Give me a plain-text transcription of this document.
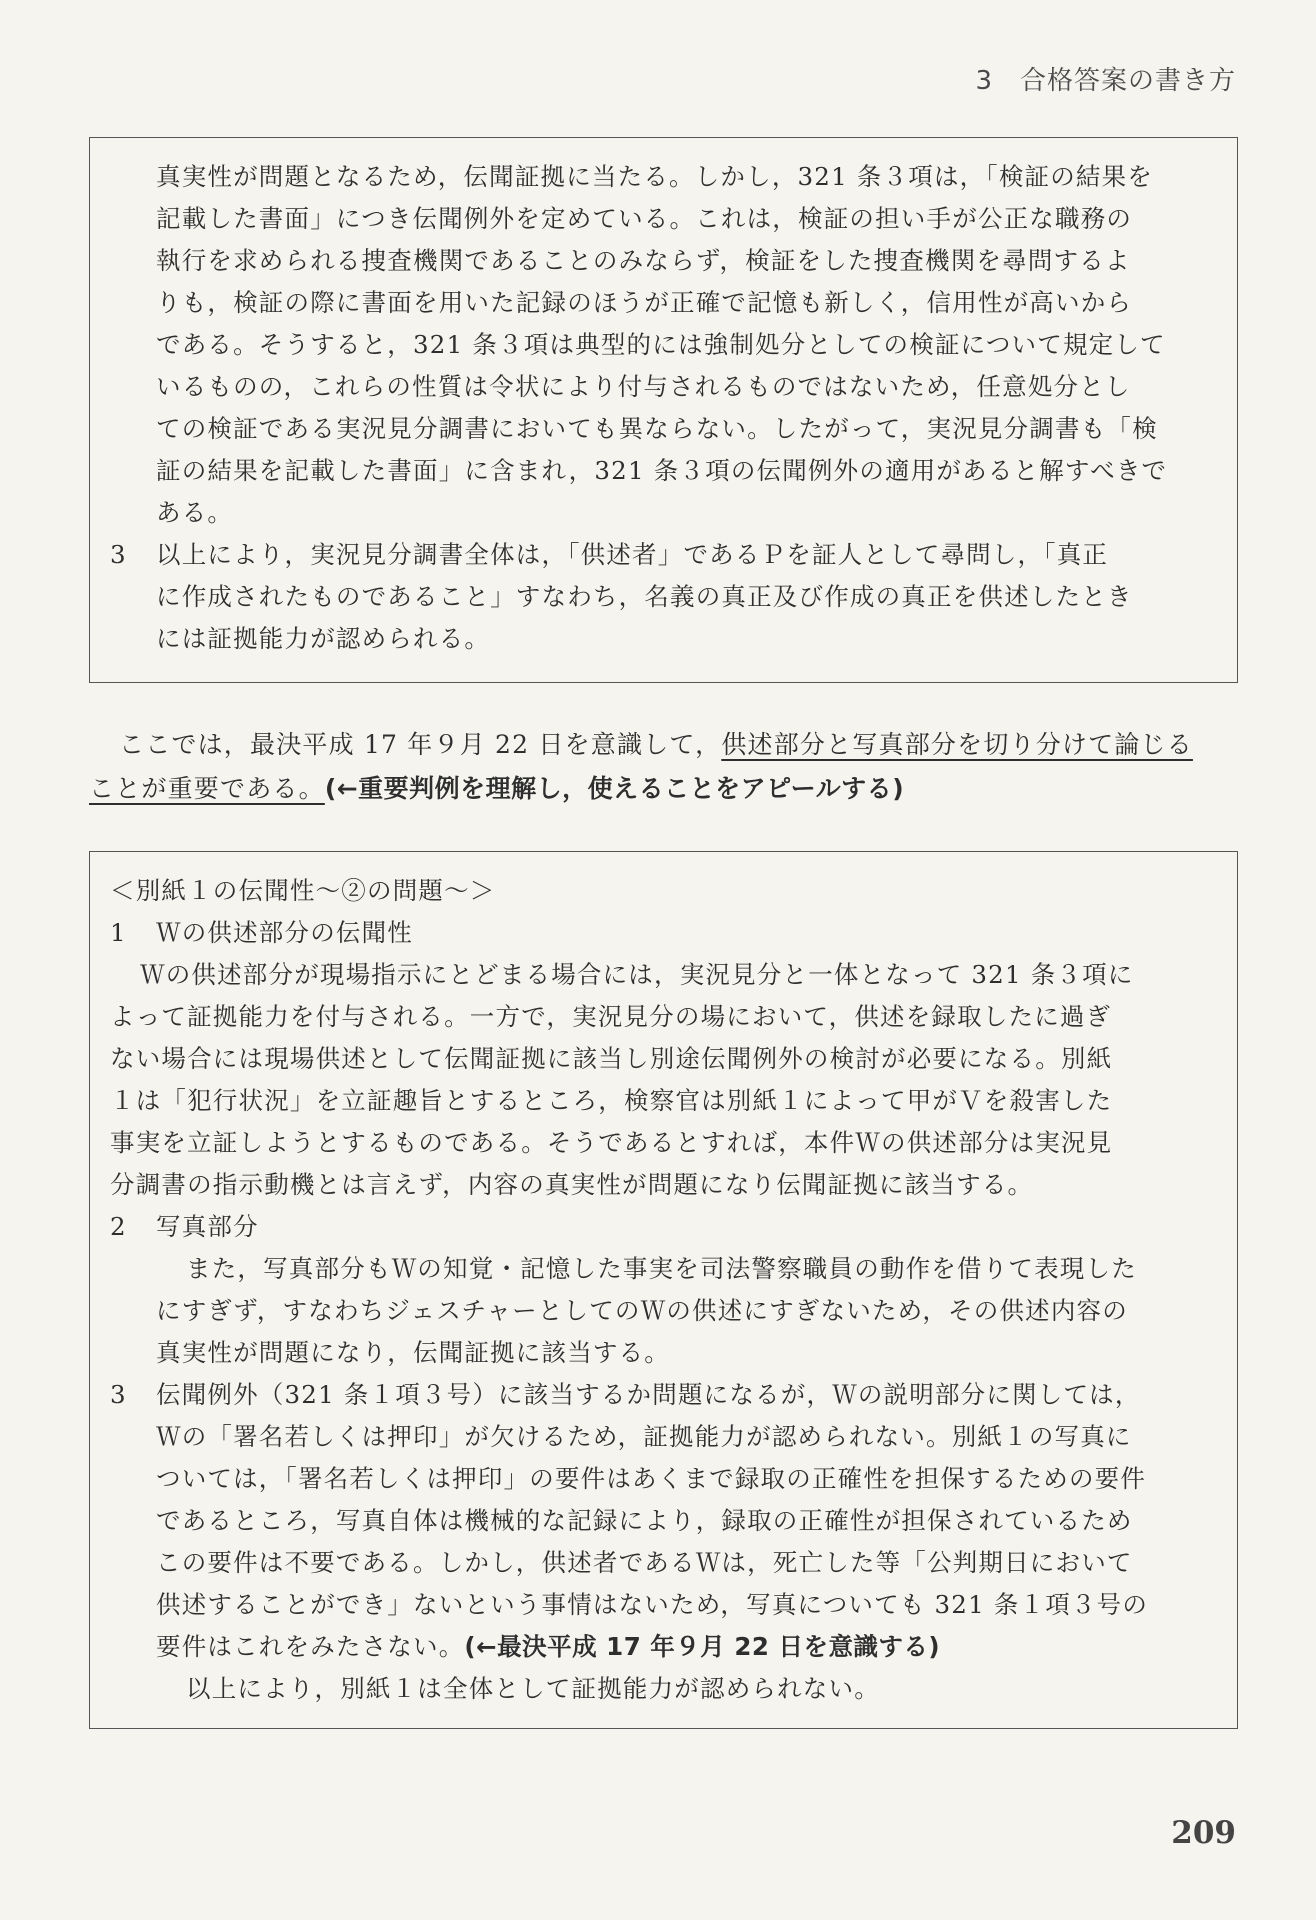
3　合格答案の書き方
真実性が問題となるため，伝聞証拠に当たる。しかし，321 条３項は，「検証の結果を
記載した書面」につき伝聞例外を定めている。これは，検証の担い手が公正な職務の
執行を求められる捜査機関であることのみならず，検証をした捜査機関を尋問するよ
りも，検証の際に書面を用いた記録のほうが正確で記憶も新しく，信用性が高いから
である。そうすると，321 条３項は典型的には強制処分としての検証について規定して
いるものの，これらの性質は令状により付与されるものではないため，任意処分とし
ての検証である実況見分調書においても異ならない。したがって，実況見分調書も「検
証の結果を記載した書面」に含まれ，321 条３項の伝聞例外の適用があると解すべきで
ある。
3 以上により，実況見分調書全体は，「供述者」であるＰを証人として尋問し，「真正
に作成されたものであること」すなわち，名義の真正及び作成の真正を供述したとき
には証拠能力が認められる。
ここでは，最決平成 17 年９月 22 日を意識して，供述部分と写真部分を切り分けて論じる
ことが重要である。(←重要判例を理解し，使えることをアピールする)
＜別紙１の伝聞性～②の問題～＞
1 Ｗの供述部分の伝聞性
Ｗの供述部分が現場指示にとどまる場合には，実況見分と一体となって 321 条３項に
よって証拠能力を付与される。一方で，実況見分の場において，供述を録取したに過ぎ
ない場合には現場供述として伝聞証拠に該当し別途伝聞例外の検討が必要になる。別紙
１は「犯行状況」を立証趣旨とするところ，検察官は別紙１によって甲がＶを殺害した
事実を立証しようとするものである。そうであるとすれば，本件Ｗの供述部分は実況見
分調書の指示動機とは言えず，内容の真実性が問題になり伝聞証拠に該当する。
2 写真部分
また，写真部分もＷの知覚・記憶した事実を司法警察職員の動作を借りて表現した
にすぎず，すなわちジェスチャーとしてのＷの供述にすぎないため，その供述内容の
真実性が問題になり，伝聞証拠に該当する。
3 伝聞例外（321 条１項３号）に該当するか問題になるが，Ｗの説明部分に関しては，
Ｗの「署名若しくは押印」が欠けるため，証拠能力が認められない。別紙１の写真に
ついては，「署名若しくは押印」の要件はあくまで録取の正確性を担保するための要件
であるところ，写真自体は機械的な記録により，録取の正確性が担保されているため
この要件は不要である。しかし，供述者であるＷは，死亡した等「公判期日において
供述することができ」ないという事情はないため，写真についても 321 条１項３号の
要件はこれをみたさない。(←最決平成 17 年９月 22 日を意識する)
以上により，別紙１は全体として証拠能力が認められない。
209
